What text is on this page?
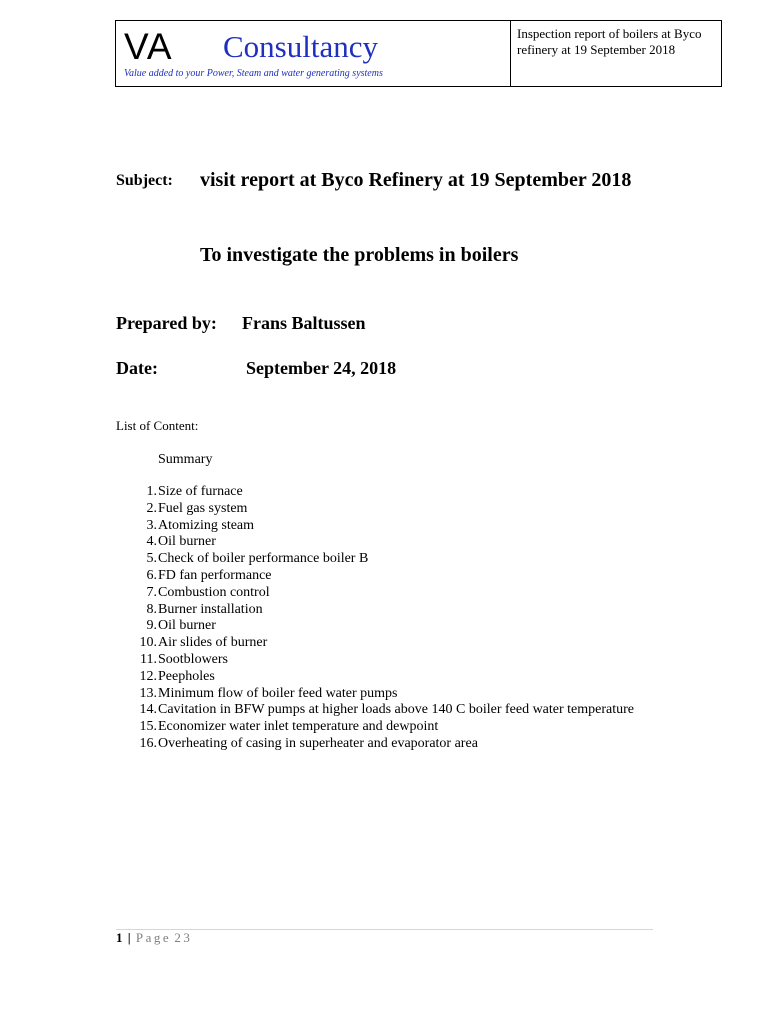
VA Consultancy
Value added to your Power, Steam and water generating systems
Inspection report of boilers at Byco refinery at 19 September 2018
Subject: visit report at Byco Refinery at 19 September 2018
To investigate the problems in boilers
Prepared by: Frans Baltussen
Date:	September 24, 2018
List of Content:
Summary
1. Size of furnace
2. Fuel gas system
3. Atomizing steam
4. Oil burner
5. Check of boiler performance boiler B
6. FD fan performance
7. Combustion control
8. Burner installation
9. Oil burner
10. Air slides of burner
11. Sootblowers
12. Peepholes
13. Minimum flow of boiler feed water pumps
14. Cavitation in BFW pumps at higher loads above 140 C boiler feed water temperature
15. Economizer water inlet temperature and dewpoint
16. Overheating of casing in superheater and evaporator area
1 | Page 23
